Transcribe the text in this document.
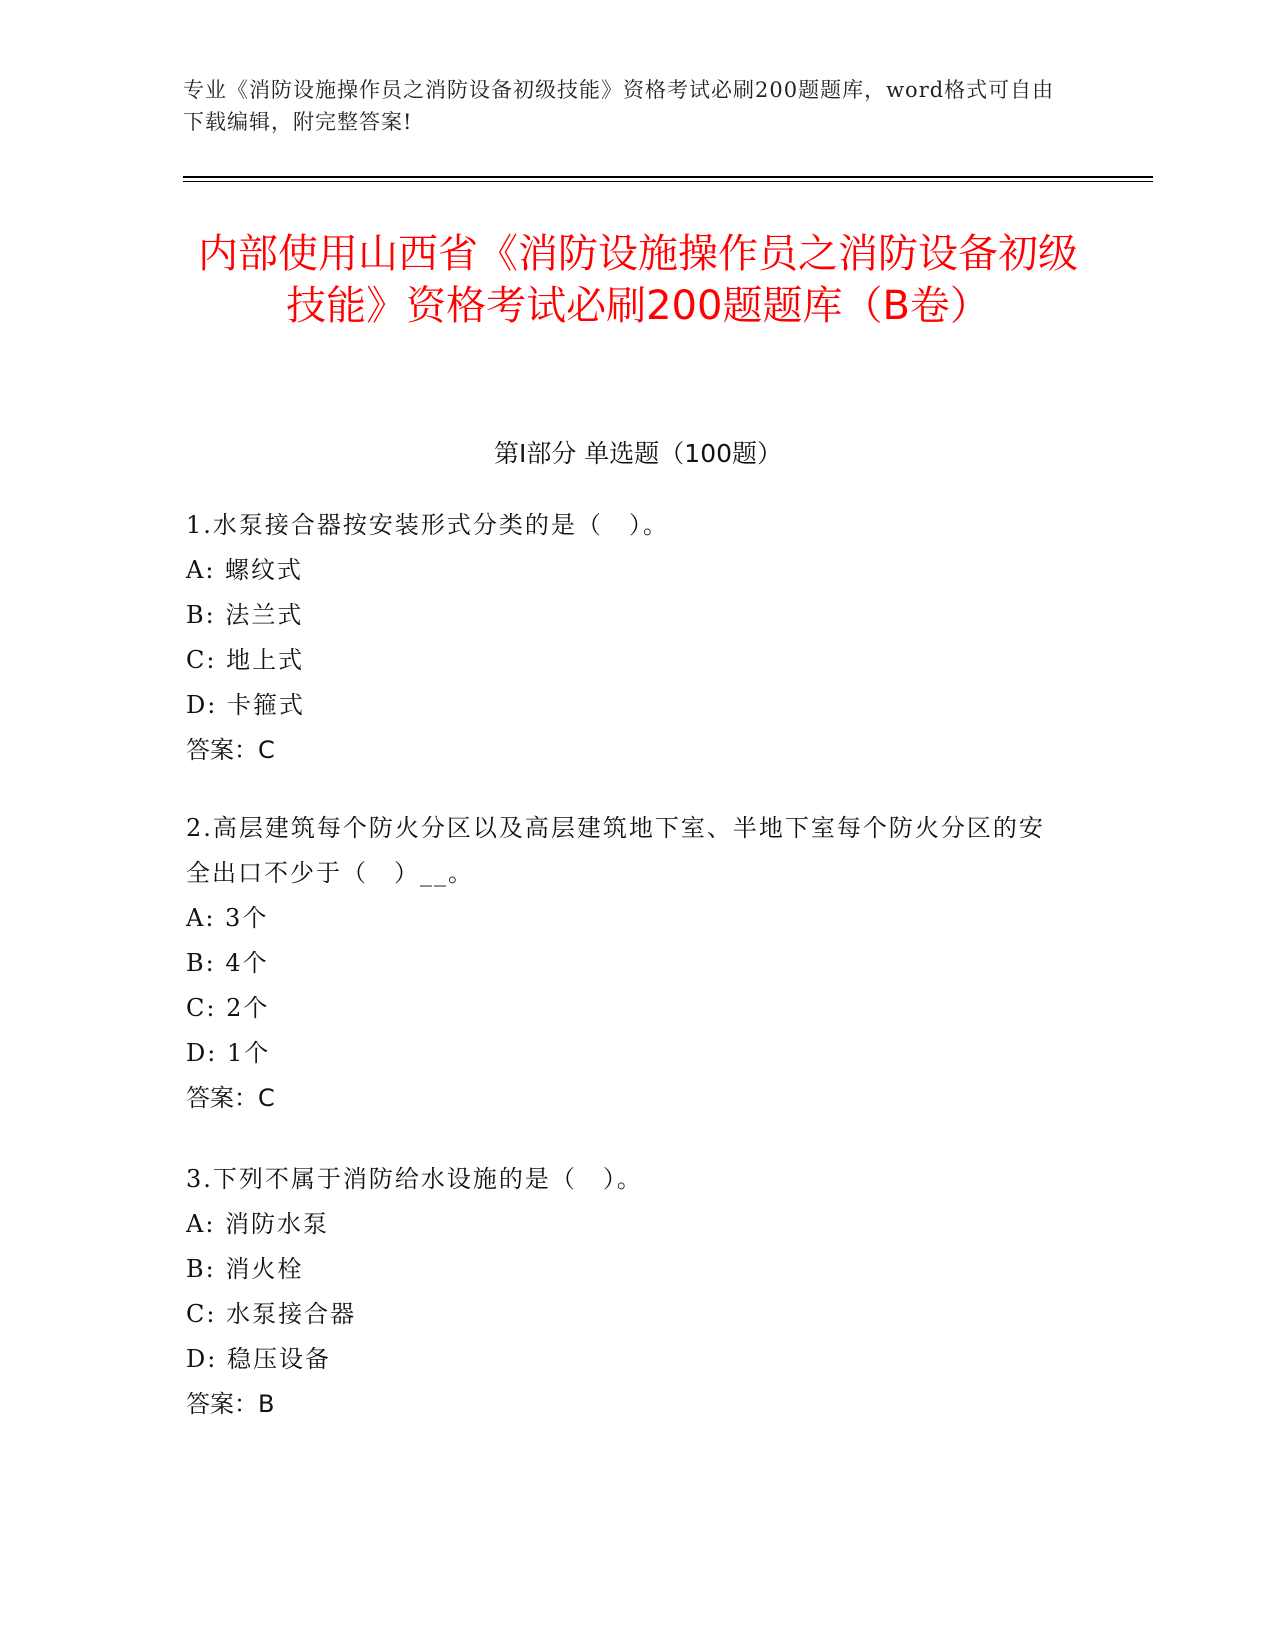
专业《消防设施操作员之消防设备初级技能》资格考试必刷200题题库，word格式可自由下载编辑，附完整答案!
内部使用山西省《消防设施操作员之消防设备初级技能》资格考试必刷200题题库（B卷）
第Ⅰ部分 单选题（100题）
1.水泵接合器按安装形式分类的是（　）。
A: 螺纹式
B: 法兰式
C: 地上式
D: 卡箍式
答案：C
2.高层建筑每个防火分区以及高层建筑地下室、半地下室每个防火分区的安全出口不少于（　）__。
A: 3个
B: 4个
C: 2个
D: 1个
答案：C
3.下列不属于消防给水设施的是（　）。
A: 消防水泵
B: 消火栓
C: 水泵接合器
D: 稳压设备
答案：B
